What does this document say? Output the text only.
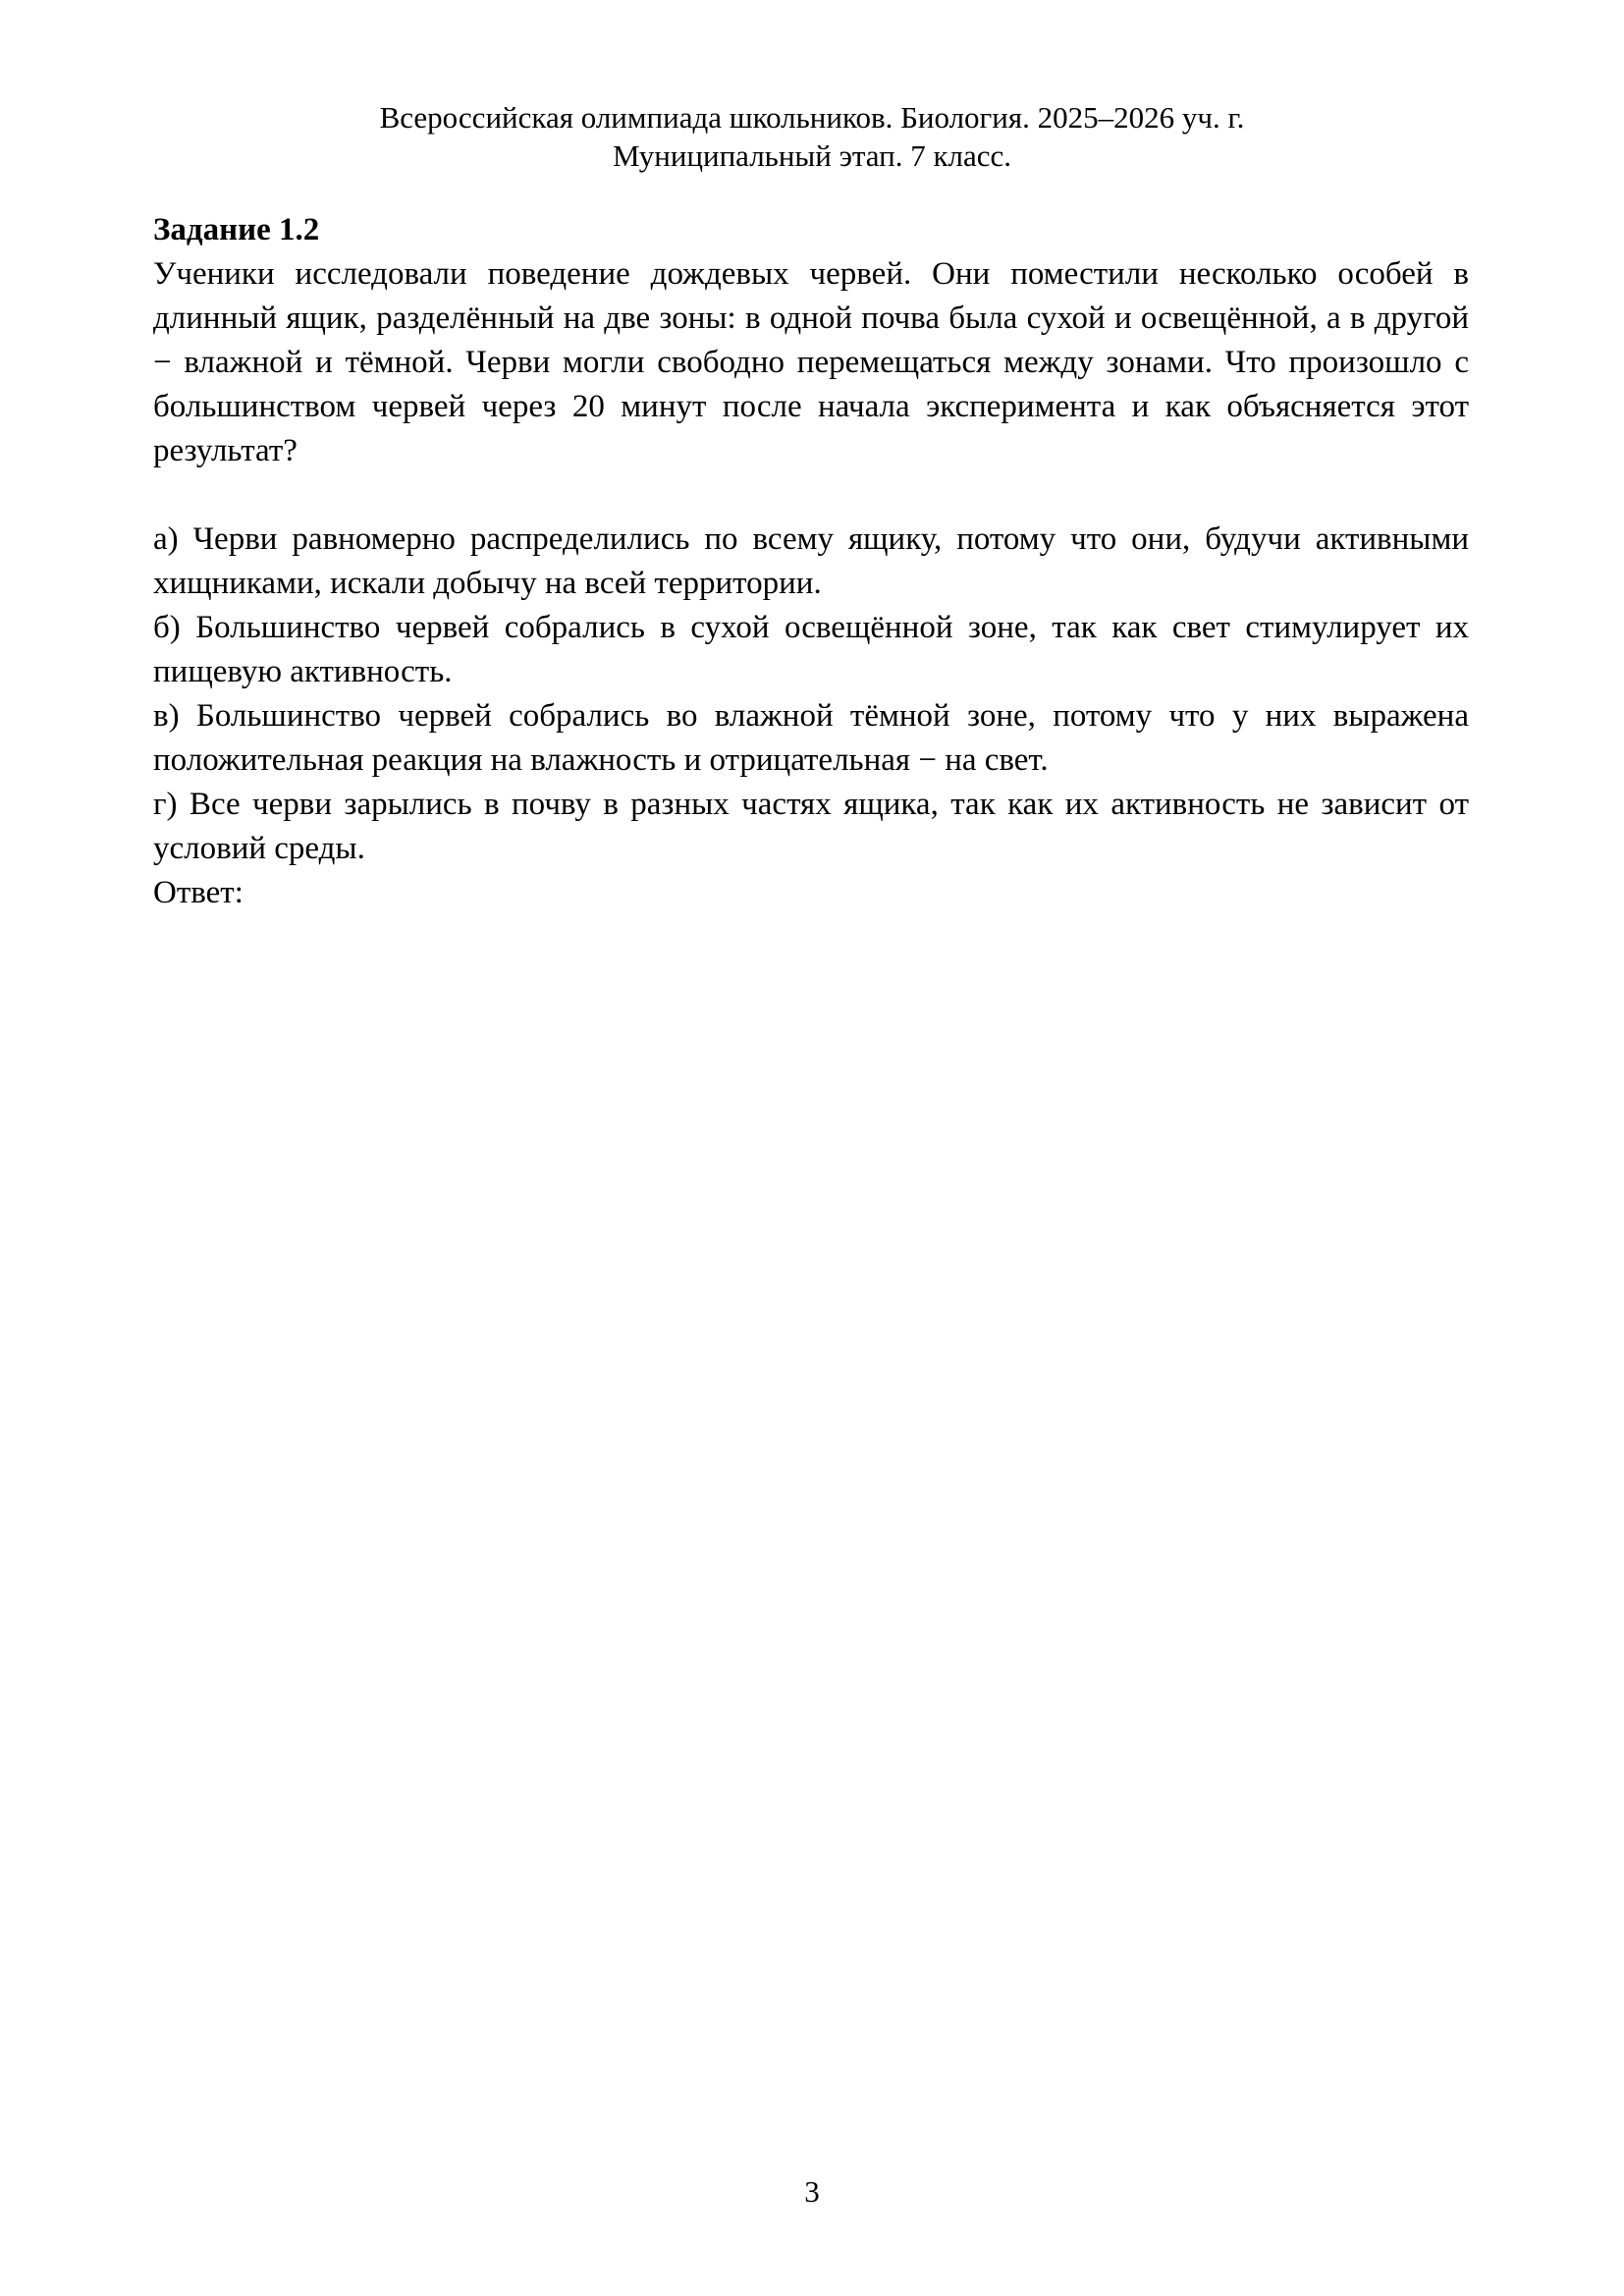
Всероссийская олимпиада школьников. Биология. 2025–2026 уч. г.
Муниципальный этап. 7 класс.

Задание 1.2

Ученики исследовали поведение дождевых червей. Они поместили несколько особей в длинный ящик, разделённый на две зоны: в одной почва была сухой и освещённой, а в другой − влажной и тёмной. Черви могли свободно перемещаться между зонами. Что произошло с большинством червей через 20 минут после начала эксперимента и как объясняется этот результат?

а) Черви равномерно распределились по всему ящику, потому что они, будучи активными хищниками, искали добычу на всей территории.

б) Большинство червей собрались в сухой освещённой зоне, так как свет стимулирует их пищевую активность.

в) Большинство червей собрались во влажной тёмной зоне, потому что у них выражена положительная реакция на влажность и отрицательная − на свет.

г) Все черви зарылись в почву в разных частях ящика, так как их активность не зависит от условий среды.

Ответ:

3
